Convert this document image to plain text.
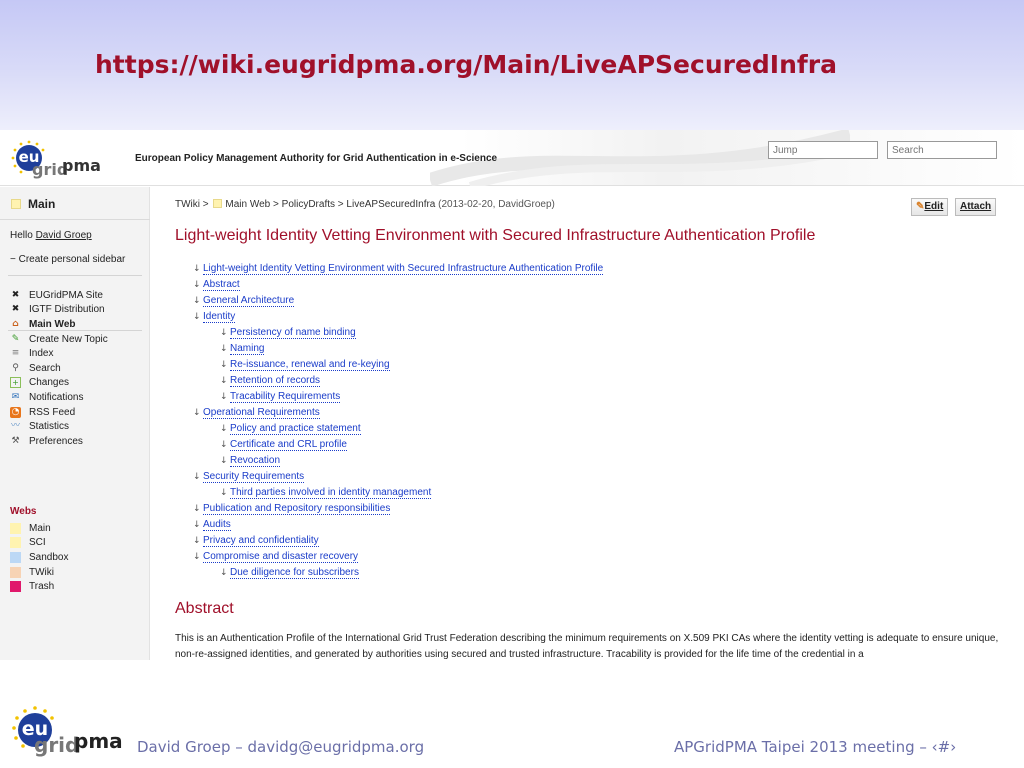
https://wiki.eugridpma.org/Main/LiveAPSecuredInfra
eu
grid
pma	European Policy Management Authority for Grid Authentication in e-Science
Jump
Search
Main
Hello David Groep
− Create personal sidebar
✖ EUGridPMA Site
✖ IGTF Distribution
⌂ Main Web
✎ Create New Topic
≡ Index
⚲ Search
+ Changes
✉ Notifications
◔ RSS Feed
〰 Statistics
⚒ Preferences
Webs
Main
SCI
Sandbox
TWiki
Trash
TWiki > Main Web > PolicyDrafts > LiveAPSecuredInfra (2013-02-20, DavidGroep)	✎Edit	Attach
Light-weight Identity Vetting Environment with Secured Infrastructure Authentication Profile
↓ Light-weight Identity Vetting Environment with Secured Infrastructure Authentication Profile
↓ Abstract
↓ General Architecture
↓ Identity
↓ Persistency of name binding
↓ Naming
↓ Re-issuance, renewal and re-keying
↓ Retention of records
↓ Tracability Requirements
↓ Operational Requirements
↓ Policy and practice statement
↓ Certificate and CRL profile
↓ Revocation
↓ Security Requirements
↓ Third parties involved in identity management
↓ Publication and Repository responsibilities
↓ Audits
↓ Privacy and confidentiality
↓ Compromise and disaster recovery
↓ Due diligence for subscribers
Abstract
This is an Authentication Profile of the International Grid Trust Federation describing the minimum requirements on X.509 PKI CAs where the identity vetting is adequate to ensure unique, non-re-assigned identities, and generated by authorities using secured and trusted infrastructure. Tracability is provided for the life time of the credential in a
eu
grid
pma David Groep – davidg@eugridpma.org	APGridPMA Taipei 2013 meeting – ‹#›
